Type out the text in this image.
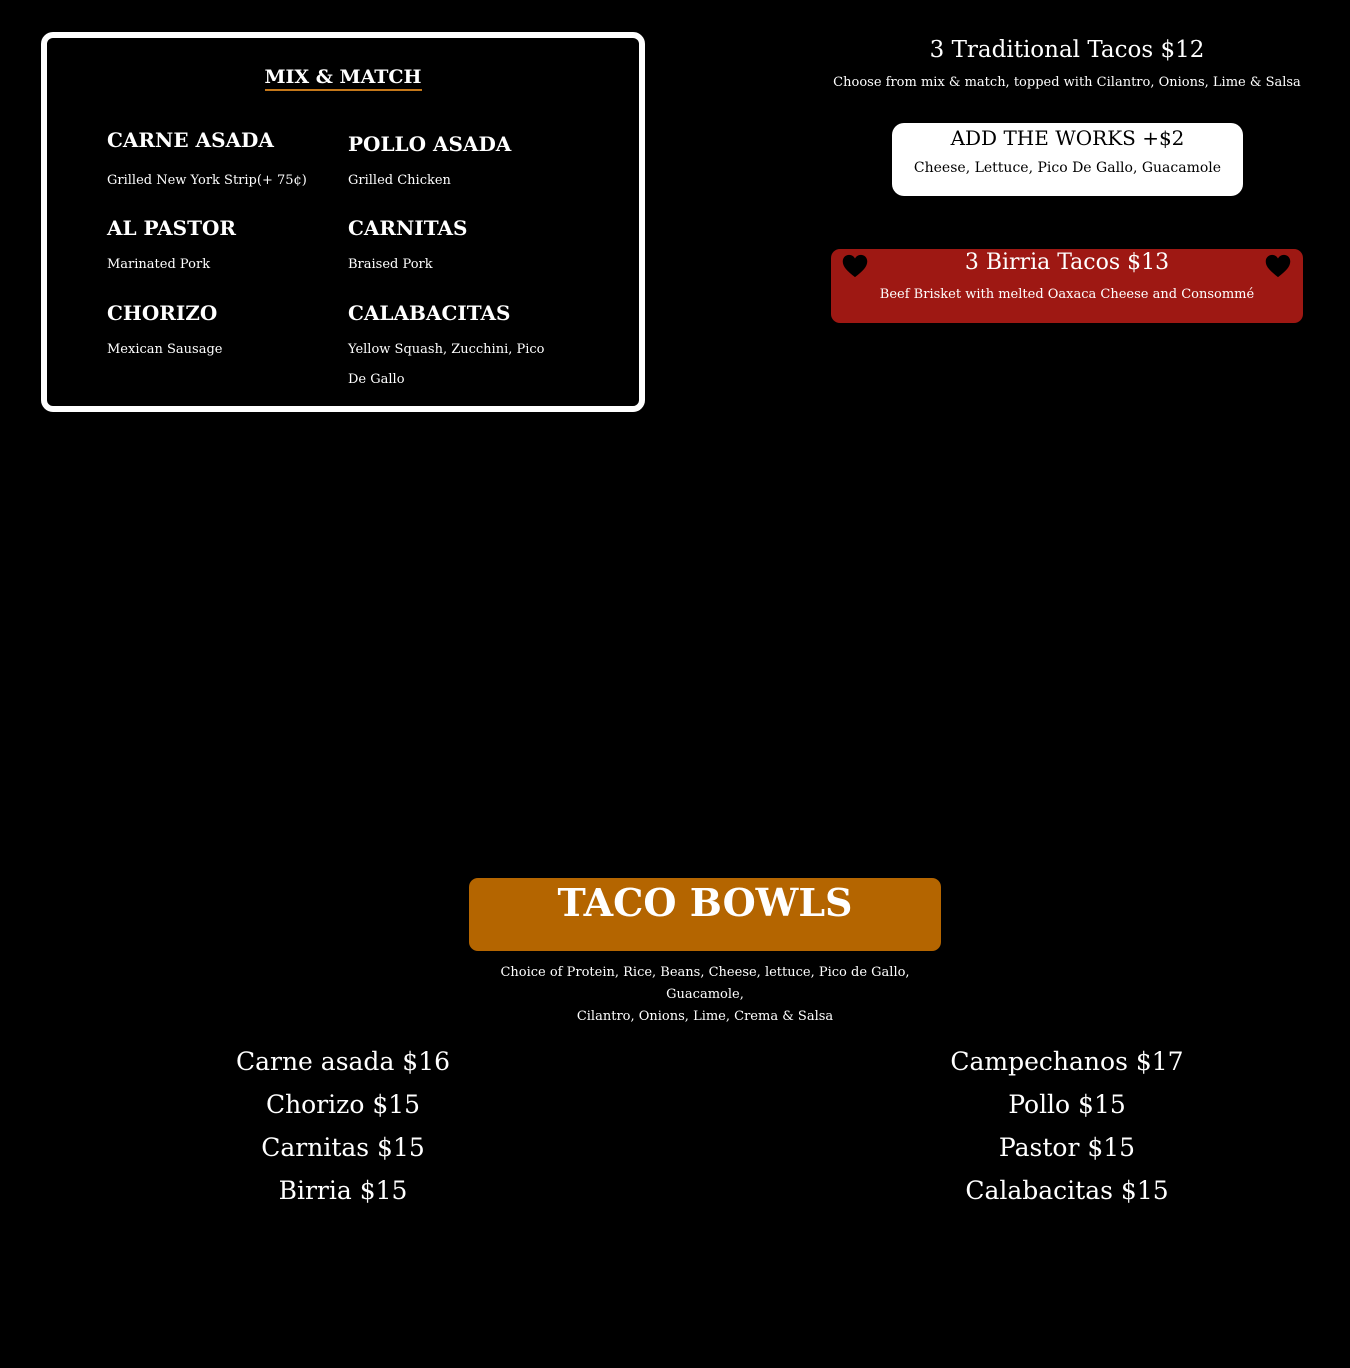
MIX & MATCH
CARNE ASADA
Grilled New York Strip(+ 75¢)
POLLO ASADA
Grilled Chicken
AL PASTOR
Marinated Pork
CARNITAS
Braised Pork
CHORIZO
Mexican Sausage
CALABACITAS
Yellow Squash, Zucchini, Pico De Gallo
3 Traditional Tacos $12
Choose from mix & match, topped with Cilantro, Onions, Lime & Salsa
ADD THE WORKS +$2
Cheese, Lettuce, Pico De Gallo, Guacamole
3 Birria Tacos $13
Beef Brisket with melted Oaxaca Cheese and Consommé
TACO BOWLS
Choice of Protein, Rice, Beans, Cheese, lettuce, Pico de Gallo, Guacamole,
Cilantro, Onions, Lime, Crema & Salsa
Carne asada $16
Chorizo $15
Carnitas $15
Birria $15
Campechanos $17
Pollo $15
Pastor $15
Calabacitas $15
